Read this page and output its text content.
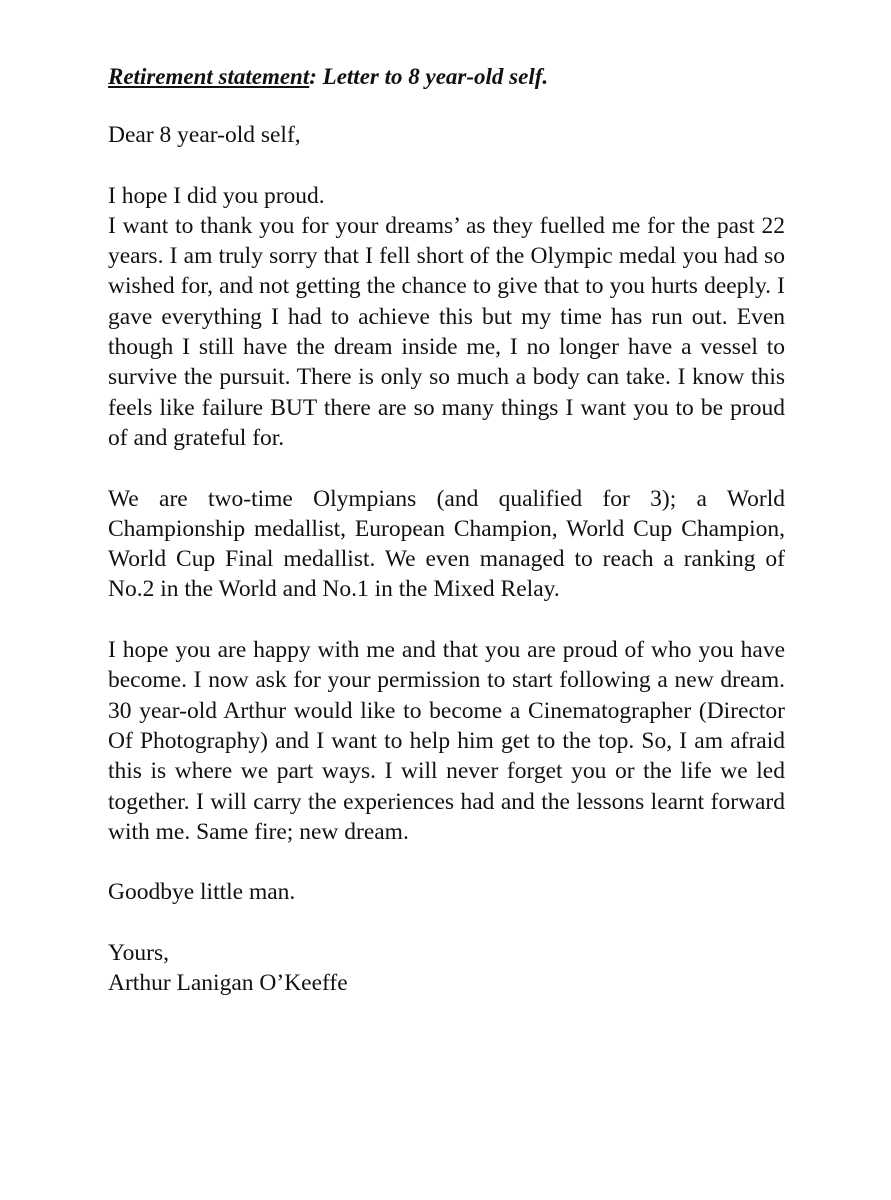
Retirement statement: Letter to 8 year-old self.

Dear 8 year-old self,

I hope I did you proud.

I want to thank you for your dreams’ as they fuelled me for the past 22 years. I am truly sorry that I fell short of the Olympic medal you had so wished for, and not getting the chance to give that to you hurts deeply. I gave everything I had to achieve this but my time has run out. Even though I still have the dream inside me, I no longer have a vessel to survive the pursuit. There is only so much a body can take. I know this feels like failure BUT there are so many things I want you to be proud of and grateful for.

We are two-time Olympians (and qualified for 3); a World Championship medallist, European Champion, World Cup Champion, World Cup Final medallist. We even managed to reach a ranking of No.2 in the World and No.1 in the Mixed Relay.

I hope you are happy with me and that you are proud of who you have become. I now ask for your permission to start following a new dream. 30 year-old Arthur would like to become a Cinematographer (Director Of Photography) and I want to help him get to the top. So, I am afraid this is where we part ways. I will never forget you or the life we led together. I will carry the experiences had and the lessons learnt forward with me. Same fire; new dream.

Goodbye little man.

Yours,

Arthur Lanigan O’Keeffe
